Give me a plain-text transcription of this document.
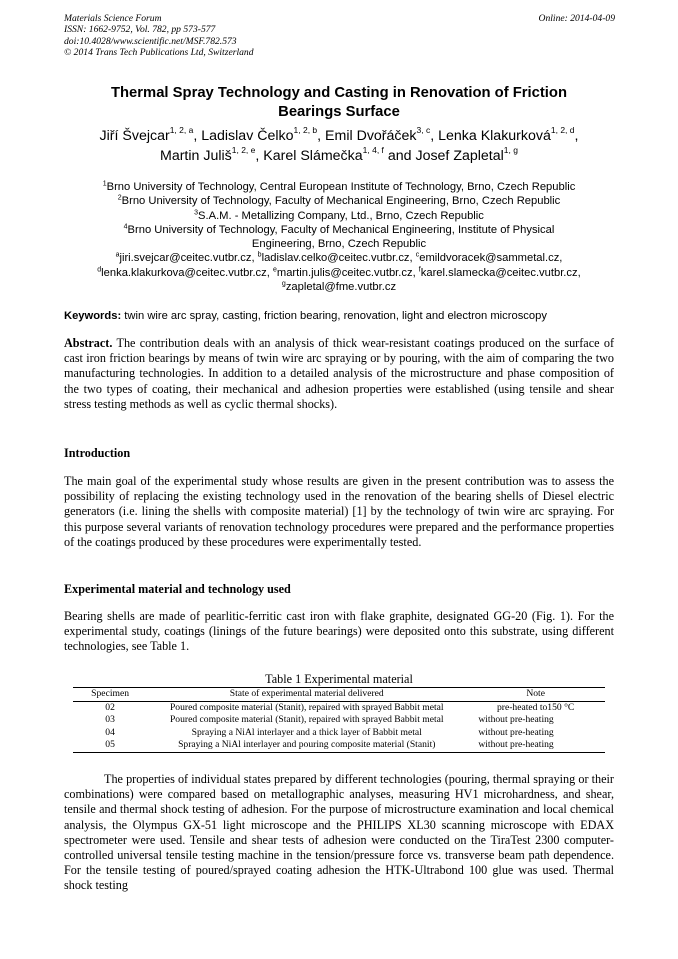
Materials Science Forum
ISSN: 1662-9752, Vol. 782, pp 573-577
doi:10.4028/www.scientific.net/MSF.782.573
© 2014 Trans Tech Publications Ltd, Switzerland
Online: 2014-04-09
Thermal Spray Technology and Casting in Renovation of Friction
Bearings Surface
Jiří Švejcar$^{1, 2, a}$, Ladislav Čelko$^{1, 2, b}$, Emil Dvořáček$^{3, c}$, Lenka Klakurková$^{1, 2, d}$,
Martin Juliš$^{1, 2, e}$, Karel Slámečka$^{1, 4, f}$ and Josef Zapletal$^{1, g}$
$^1$Brno University of Technology, Central European Institute of Technology, Brno, Czech Republic
$^2$Brno University of Technology, Faculty of Mechanical Engineering, Brno, Czech Republic
$^3$S.A.M. - Metallizing Company, Ltd., Brno, Czech Republic
$^4$Brno University of Technology, Faculty of Mechanical Engineering, Institute of Physical
Engineering, Brno, Czech Republic
$^a$jiri.svejcar@ceitec.vutbr.cz, $^b$ladislav.celko@ceitec.vutbr.cz, $^c$emildvoracek@sammetal.cz,
$^d$lenka.klakurkova@ceitec.vutbr.cz, $^e$martin.julis@ceitec.vutbr.cz, $^f$karel.slamecka@ceitec.vutbr.cz,
$^g$zapletal@fme.vutbr.cz
Keywords: twin wire arc spray, casting, friction bearing, renovation, light and electron microscopy
Abstract. The contribution deals with an analysis of thick wear-resistant coatings produced on the surface of cast iron friction bearings by means of twin wire arc spraying or by pouring, with the aim of comparing the two manufacturing technologies. In addition to a detailed analysis of the microstructure and phase composition of the two types of coating, their mechanical and adhesion properties were established (using tensile and shear stress testing methods as well as cyclic thermal shocks).
Introduction
The main goal of the experimental study whose results are given in the present contribution was to assess the possibility of replacing the existing technology used in the renovation of the bearing shells of Diesel electric generators (i.e. lining the shells with composite material) [1] by the technology of twin wire arc spraying. For this purpose several variants of renovation technology procedures were prepared and the performance properties of the coatings produced by these procedures were experimentally tested.
Experimental material and technology used
Bearing shells are made of pearlitic-ferritic cast iron with flake graphite, designated GG-20 (Fig. 1). For the experimental study, coatings (linings of the future bearings) were deposited onto this substrate, using different technologies, see Table 1.
Table 1 Experimental material
Specimen	State of experimental material delivered	Note
02	Poured composite material (Stanit), repaired with sprayed Babbit metal	pre-heated to150 °C
03	Poured composite material (Stanit), repaired with sprayed Babbit metal	without pre-heating
04	Spraying a NiAl interlayer and a thick layer of Babbit metal	without pre-heating
05	Spraying a NiAl interlayer and pouring composite material (Stanit)	without pre-heating
The properties of individual states prepared by different technologies (pouring, thermal spraying or their combinations) were compared based on metallographic analyses, measuring HV1 microhardness, and shear, tensile and thermal shock testing of adhesion. For the purpose of microstructure examination and local chemical analysis, the Olympus GX-51 light microscope and the PHILIPS XL30 scanning microscope with EDAX spectrometer were used. Tensile and shear tests of adhesion were conducted on the TiraTest 2300 computer-controlled universal tensile testing machine in the tension/pressure force vs. transverse beam path dependence. For the tensile testing of poured/sprayed coating adhesion the HTK-Ultrabond 100 glue was used. Thermal shock testing
